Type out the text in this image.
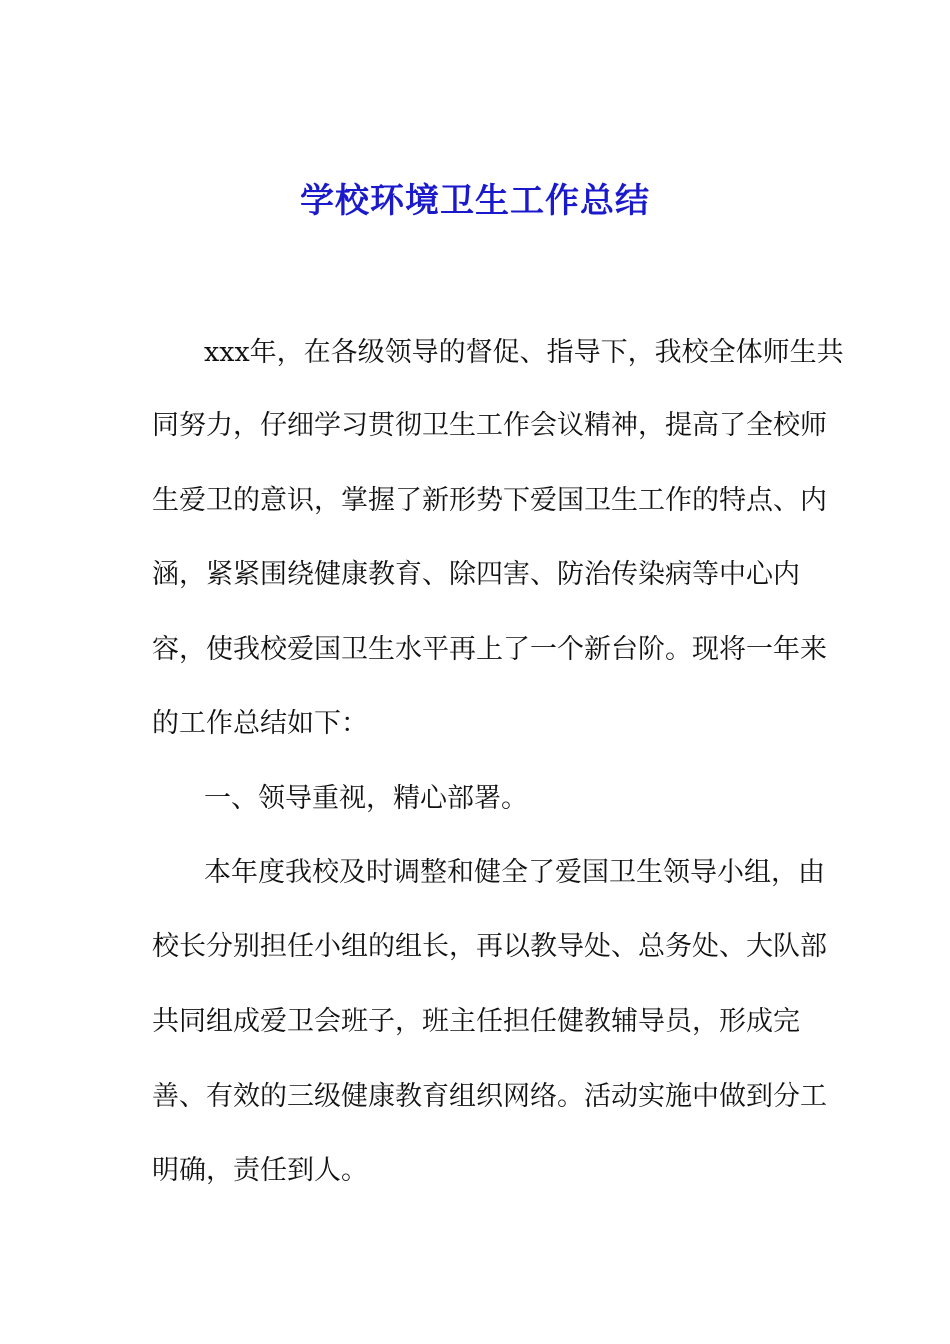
学校环境卫生工作总结
xxx年，在各级领导的督促、指导下，我校全体师生共
同努力，仔细学习贯彻卫生工作会议精神，提高了全校师
生爱卫的意识，掌握了新形势下爱国卫生工作的特点、内
涵，紧紧围绕健康教育、除四害、防治传染病等中心内
容，使我校爱国卫生水平再上了一个新台阶。现将一年来
的工作总结如下：
一、领导重视，精心部署。
本年度我校及时调整和健全了爱国卫生领导小组，由
校长分别担任小组的组长，再以教导处、总务处、大队部
共同组成爱卫会班子，班主任担任健教辅导员，形成完
善、有效的三级健康教育组织网络。活动实施中做到分工
明确，责任到人。
